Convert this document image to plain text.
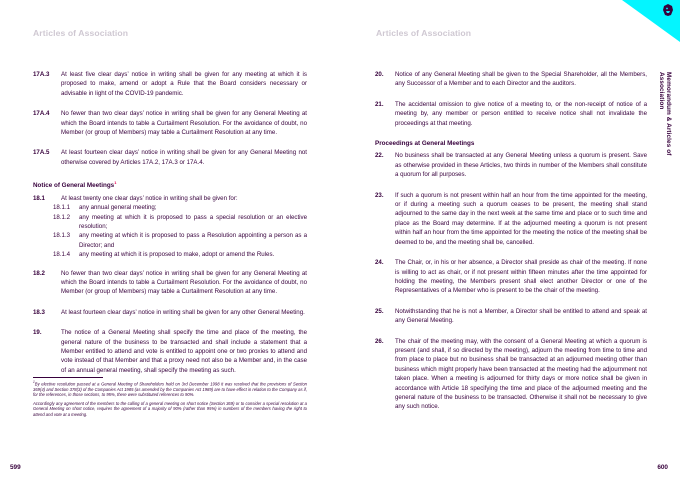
Articles of Association
17A.3	At least five clear days’ notice in writing shall be given for any meeting at which it is proposed to make, amend or adopt a Rule that the Board considers necessary or advisable in light of the COVID-19 pandemic.
17A.4	No fewer than two clear days’ notice in writing shall be given for any General Meeting at which the Board intends to table a Curtailment Resolution. For the avoidance of doubt, no Member (or group of Members) may table a Curtailment Resolution at any time.
17A.5	At least fourteen clear days’ notice in writing shall be given for any General Meeting not otherwise covered by Articles 17A.2, 17A.3 or 17A.4.
Notice of General Meetings$^1$
18.1	At least twenty one clear days’ notice in writing shall be given for:
18.1.1	any annual general meeting;
18.1.2	any meeting at which it is proposed to pass a special resolution or an elective resolution;
18.1.3	any meeting at which it is proposed to pass a Resolution appointing a person as a Director; and
18.1.4	any meeting at which it is proposed to make, adopt or amend the Rules.
18.2	No fewer than two clear days’ notice in writing shall be given for any General Meeting at which the Board intends to table a Curtailment Resolution. For the avoidance of doubt, no Member (or group of Members) may table a Curtailment Resolution at any time.
18.3	At least fourteen clear days’ notice in writing shall be given for any other General Meeting.
19.	The notice of a General Meeting shall specify the time and place of the meeting, the general nature of the business to be transacted and shall include a statement that a Member entitled to attend and vote is entitled to appoint one or two proxies to attend and vote instead of that Member and that a proxy need not also be a Member and, in the case of an annual general meeting, shall specify the meeting as such.

$^1$By elective resolution passed at a General Meeting of Shareholders held on 3rd December 1998 it was resolved that the provisions of Section 369(4) and Section 378(3) of the Companies Act 1985 (as amended by the Companies Act 1989) are to have effect in relation to the Company as if, for the references, in those sections, to 95%, there were substituted references to 90%.

Accordingly any agreement of the members to the calling of a general meeting on short notice (Section 369) or to consider a special resolution at a General Meeting on short notice, requires the agreement of a majority of 90% (rather than 95%) in numbers of the members having the right to attend and vote at a meeting.

599
Articles of Association
Memorandum & Articles of Association
20.	Notice of any General Meeting shall be given to the Special Shareholder, all the Members, any Successor of a Member and to each Director and the auditors.
21.	The accidental omission to give notice of a meeting to, or the non-receipt of notice of a meeting by, any member or person entitled to receive notice shall not invalidate the proceedings at that meeting.
Proceedings at General Meetings
22.	No business shall be transacted at any General Meeting unless a quorum is present. Save as otherwise provided in these Articles, two thirds in number of the Members shall constitute a quorum for all purposes.
23.	If such a quorum is not present within half an hour from the time appointed for the meeting, or if during a meeting such a quorum ceases to be present, the meeting shall stand adjourned to the same day in the next week at the same time and place or to such time and place as the Board may determine. If at the adjourned meeting a quorum is not present within half an hour from the time appointed for the meeting the notice of the meeting shall be deemed to be, and the meeting shall be, cancelled.
24.	The Chair, or, in his or her absence, a Director shall preside as chair of the meeting. If none is willing to act as chair, or if not present within fifteen minutes after the time appointed for holding the meeting, the Members present shall elect another Director or one of the Representatives of a Member who is present to be the chair of the meeting.
25.	Notwithstanding that he is not a Member, a Director shall be entitled to attend and speak at any General Meeting.
26.	The chair of the meeting may, with the consent of a General Meeting at which a quorum is present (and shall, if so directed by the meeting), adjourn the meeting from time to time and from place to place but no business shall be transacted at an adjourned meeting other than business which might properly have been transacted at the meeting had the adjournment not taken place. When a meeting is adjourned for thirty days or more notice shall be given in accordance with Article 18 specifying the time and place of the adjourned meeting and the general nature of the business to be transacted. Otherwise it shall not be necessary to give any such notice.
600
